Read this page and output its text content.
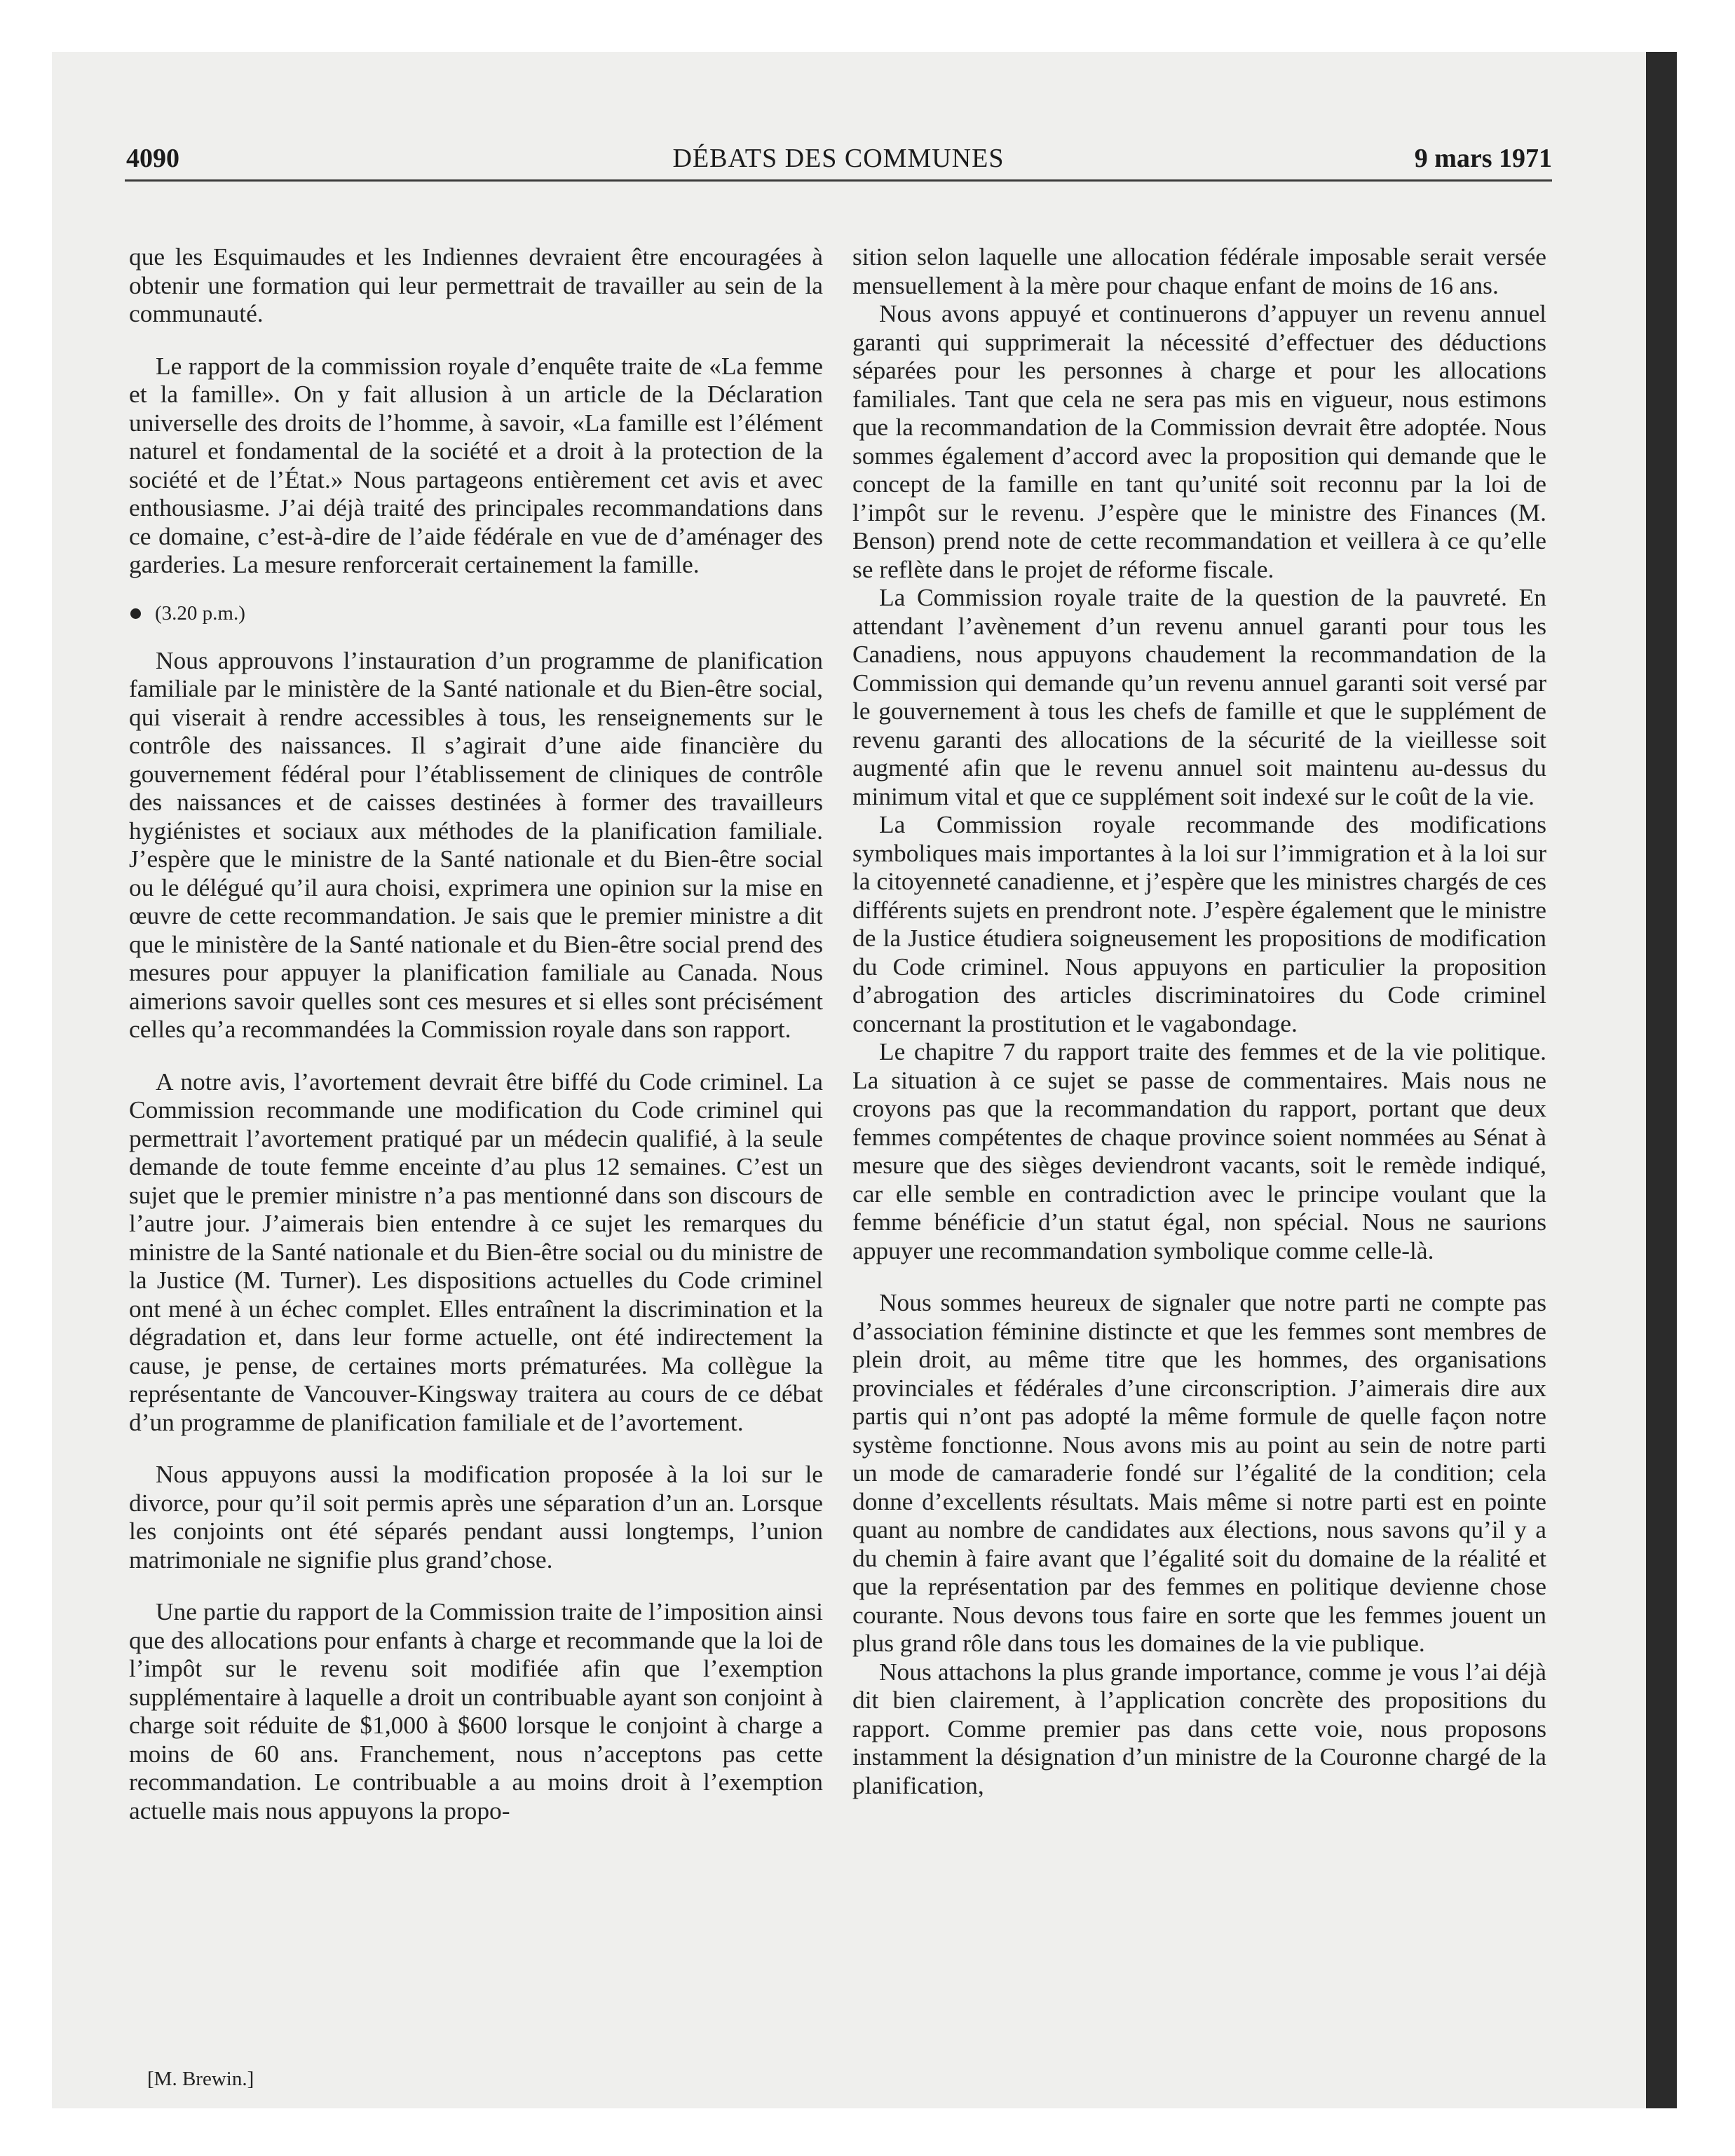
4090	DÉBATS DES COMMUNES	9 mars 1971

que les Esquimaudes et les Indiennes devraient être encouragées à obtenir une formation qui leur permettrait de travailler au sein de la communauté.

Le rapport de la commission royale d’enquête traite de «La femme et la famille». On y fait allusion à un article de la Déclaration universelle des droits de l’homme, à savoir, «La famille est l’élément naturel et fondamental de la société et a droit à la protection de la société et de l’État.» Nous partageons entièrement cet avis et avec enthousiasme. J’ai déjà traité des principales recommandations dans ce domaine, c’est-à-dire de l’aide fédérale en vue de d’aménager des garderies. La mesure renforcerait certainement la famille.

(3.20 p.m.)

Nous approuvons l’instauration d’un programme de planification familiale par le ministère de la Santé nationale et du Bien-être social, qui viserait à rendre accessibles à tous, les renseignements sur le contrôle des naissances. Il s’agirait d’une aide financière du gouvernement fédéral pour l’établissement de cliniques de contrôle des naissances et de caisses destinées à former des travailleurs hygiénistes et sociaux aux méthodes de la planification familiale. J’espère que le ministre de la Santé nationale et du Bien-être social ou le délégué qu’il aura choisi, exprimera une opinion sur la mise en œuvre de cette recommandation. Je sais que le premier ministre a dit que le ministère de la Santé nationale et du Bien-être social prend des mesures pour appuyer la planification familiale au Canada. Nous aimerions savoir quelles sont ces mesures et si elles sont précisément celles qu’a recommandées la Commission royale dans son rapport.

A notre avis, l’avortement devrait être biffé du Code criminel. La Commission recommande une modification du Code criminel qui permettrait l’avortement pratiqué par un médecin qualifié, à la seule demande de toute femme enceinte d’au plus 12 semaines. C’est un sujet que le premier ministre n’a pas mentionné dans son discours de l’autre jour. J’aimerais bien entendre à ce sujet les remarques du ministre de la Santé nationale et du Bien-être social ou du ministre de la Justice (M. Turner). Les dispositions actuelles du Code criminel ont mené à un échec complet. Elles entraînent la discrimination et la dégradation et, dans leur forme actuelle, ont été indirectement la cause, je pense, de certaines morts prématurées. Ma collègue la représentante de Vancouver-Kingsway traitera au cours de ce débat d’un programme de planification familiale et de l’avortement.

Nous appuyons aussi la modification proposée à la loi sur le divorce, pour qu’il soit permis après une séparation d’un an. Lorsque les conjoints ont été séparés pendant aussi longtemps, l’union matrimoniale ne signifie plus grand’chose.

Une partie du rapport de la Commission traite de l’imposition ainsi que des allocations pour enfants à charge et recommande que la loi de l’impôt sur le revenu soit modifiée afin que l’exemption supplémentaire à laquelle a droit un contribuable ayant son conjoint à charge soit réduite de $1,000 à $600 lorsque le conjoint à charge a moins de 60 ans. Franchement, nous n’acceptons pas cette recommandation. Le contribuable a au moins droit à l’exemption actuelle mais nous appuyons la propo-

[M. Brewin.]

sition selon laquelle une allocation fédérale imposable serait versée mensuellement à la mère pour chaque enfant de moins de 16 ans.

Nous avons appuyé et continuerons d’appuyer un revenu annuel garanti qui supprimerait la nécessité d’effectuer des déductions séparées pour les personnes à charge et pour les allocations familiales. Tant que cela ne sera pas mis en vigueur, nous estimons que la recommandation de la Commission devrait être adoptée. Nous sommes également d’accord avec la proposition qui demande que le concept de la famille en tant qu’unité soit reconnu par la loi de l’impôt sur le revenu. J’espère que le ministre des Finances (M. Benson) prend note de cette recommandation et veillera à ce qu’elle se reflète dans le projet de réforme fiscale.

La Commission royale traite de la question de la pauvreté. En attendant l’avènement d’un revenu annuel garanti pour tous les Canadiens, nous appuyons chaudement la recommandation de la Commission qui demande qu’un revenu annuel garanti soit versé par le gouvernement à tous les chefs de famille et que le supplément de revenu garanti des allocations de la sécurité de la vieillesse soit augmenté afin que le revenu annuel soit maintenu au-dessus du minimum vital et que ce supplément soit indexé sur le coût de la vie.

La Commission royale recommande des modifications symboliques mais importantes à la loi sur l’immigration et à la loi sur la citoyenneté canadienne, et j’espère que les ministres chargés de ces différents sujets en prendront note. J’espère également que le ministre de la Justice étudiera soigneusement les propositions de modification du Code criminel. Nous appuyons en particulier la proposition d’abrogation des articles discriminatoires du Code criminel concernant la prostitution et le vagabondage.

Le chapitre 7 du rapport traite des femmes et de la vie politique. La situation à ce sujet se passe de commentaires. Mais nous ne croyons pas que la recommandation du rapport, portant que deux femmes compétentes de chaque province soient nommées au Sénat à mesure que des sièges deviendront vacants, soit le remède indiqué, car elle semble en contradiction avec le principe voulant que la femme bénéficie d’un statut égal, non spécial. Nous ne saurions appuyer une recommandation symbolique comme celle-là.

Nous sommes heureux de signaler que notre parti ne compte pas d’association féminine distincte et que les femmes sont membres de plein droit, au même titre que les hommes, des organisations provinciales et fédérales d’une circonscription. J’aimerais dire aux partis qui n’ont pas adopté la même formule de quelle façon notre système fonctionne. Nous avons mis au point au sein de notre parti un mode de camaraderie fondé sur l’égalité de la condition; cela donne d’excellents résultats. Mais même si notre parti est en pointe quant au nombre de candidates aux élections, nous savons qu’il y a du chemin à faire avant que l’égalité soit du domaine de la réalité et que la représentation par des femmes en politique devienne chose courante. Nous devons tous faire en sorte que les femmes jouent un plus grand rôle dans tous les domaines de la vie publique.

Nous attachons la plus grande importance, comme je vous l’ai déjà dit bien clairement, à l’application concrète des propositions du rapport. Comme premier pas dans cette voie, nous proposons instamment la désignation d’un ministre de la Couronne chargé de la planification,
